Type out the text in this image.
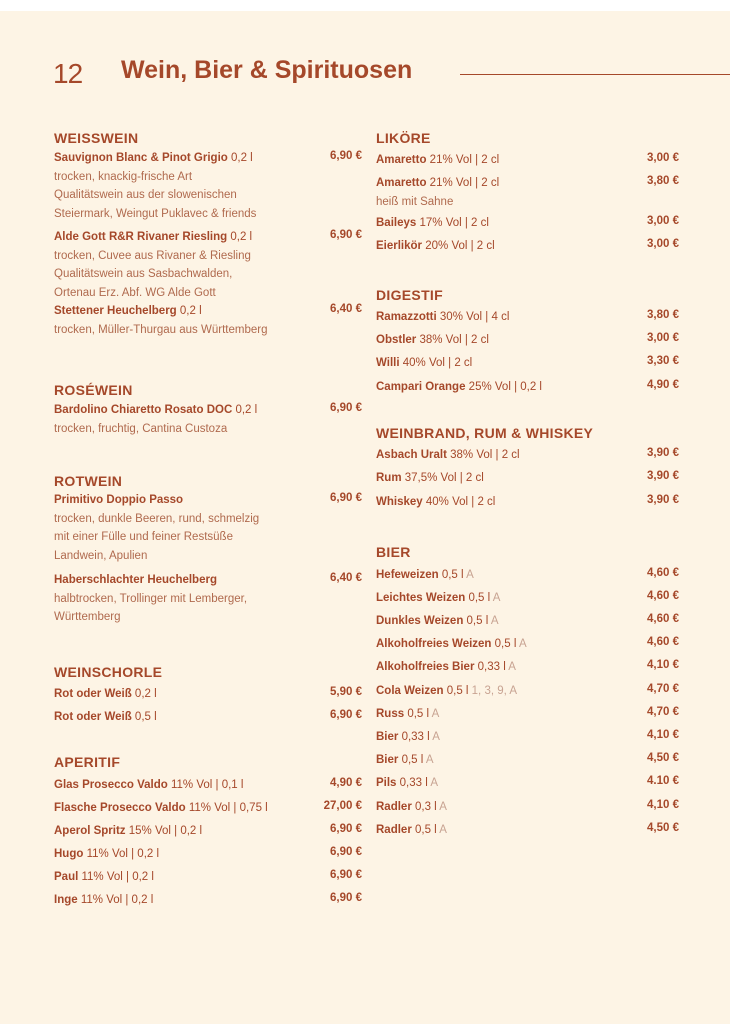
12 Wein, Bier & Spirituosen
WEISSWEIN
Sauvignon Blanc & Pinot Grigio 0,2 l	6,90 €
trocken, knackig-frische Art
Qualitätswein aus der slowenischen
Steiermark, Weingut Puklavec & friends
Alde Gott R&R Rivaner Riesling 0,2 l	6,90 €
trocken, Cuvee aus Rivaner & Riesling
Qualitätswein aus Sasbachwalden,
Ortenau Erz. Abf. WG Alde Gott
Stettener Heuchelberg 0,2 l	6,40 €
trocken, Müller-Thurgau aus Württemberg
ROSÉWEIN
Bardolino Chiaretto Rosato DOC 0,2 l	6,90 €
trocken, fruchtig, Cantina Custoza
ROTWEIN
Primitivo Doppio Passo	6,90 €
trocken, dunkle Beeren, rund, schmelzig
mit einer Fülle und feiner Restsüße
Landwein, Apulien
Haberschlachter Heuchelberg	6,40 €
halbtrocken, Trollinger mit Lemberger,
Württemberg
WEINSCHORLE
Rot oder Weiß 0,2 l	5,90 €
Rot oder Weiß 0,5 l	6,90 €
APERITIF
Glas Prosecco Valdo 11% Vol | 0,1 l	4,90 €
Flasche Prosecco Valdo 11% Vol | 0,75 l	27,00 €
Aperol Spritz 15% Vol | 0,2 l	6,90 €
Hugo 11% Vol | 0,2 l	6,90 €
Paul 11% Vol | 0,2 l	6,90 €
Inge 11% Vol | 0,2 l	6,90 €
LIKÖRE
Amaretto 21% Vol | 2 cl	3,00 €
Amaretto 21% Vol | 2 cl	3,80 €
heiß mit Sahne
Baileys 17% Vol | 2 cl	3,00 €
Eierlikör 20% Vol | 2 cl	3,00 €
DIGESTIF
Ramazzotti 30% Vol | 4 cl	3,80 €
Obstler 38% Vol | 2 cl	3,00 €
Willi 40% Vol | 2 cl	3,30 €
Campari Orange 25% Vol | 0,2 l	4,90 €
WEINBRAND, RUM & WHISKEY
Asbach Uralt 38% Vol | 2 cl	3,90 €
Rum 37,5% Vol | 2 cl	3,90 €
Whiskey 40% Vol | 2 cl	3,90 €
BIER
Hefeweizen 0,5 l A	4,60 €
Leichtes Weizen 0,5 l A	4,60 €
Dunkles Weizen 0,5 l A	4,60 €
Alkoholfreies Weizen 0,5 l A	4,60 €
Alkoholfreies Bier 0,33 l A	4,10 €
Cola Weizen 0,5 l 1, 3, 9, A	4,70 €
Russ 0,5 l A	4,70 €
Bier 0,33 l A	4,10 €
Bier 0,5 l A	4,50 €
Pils 0,33 l A	4.10 €
Radler 0,3 l A	4,10 €
Radler 0,5 l A	4,50 €
